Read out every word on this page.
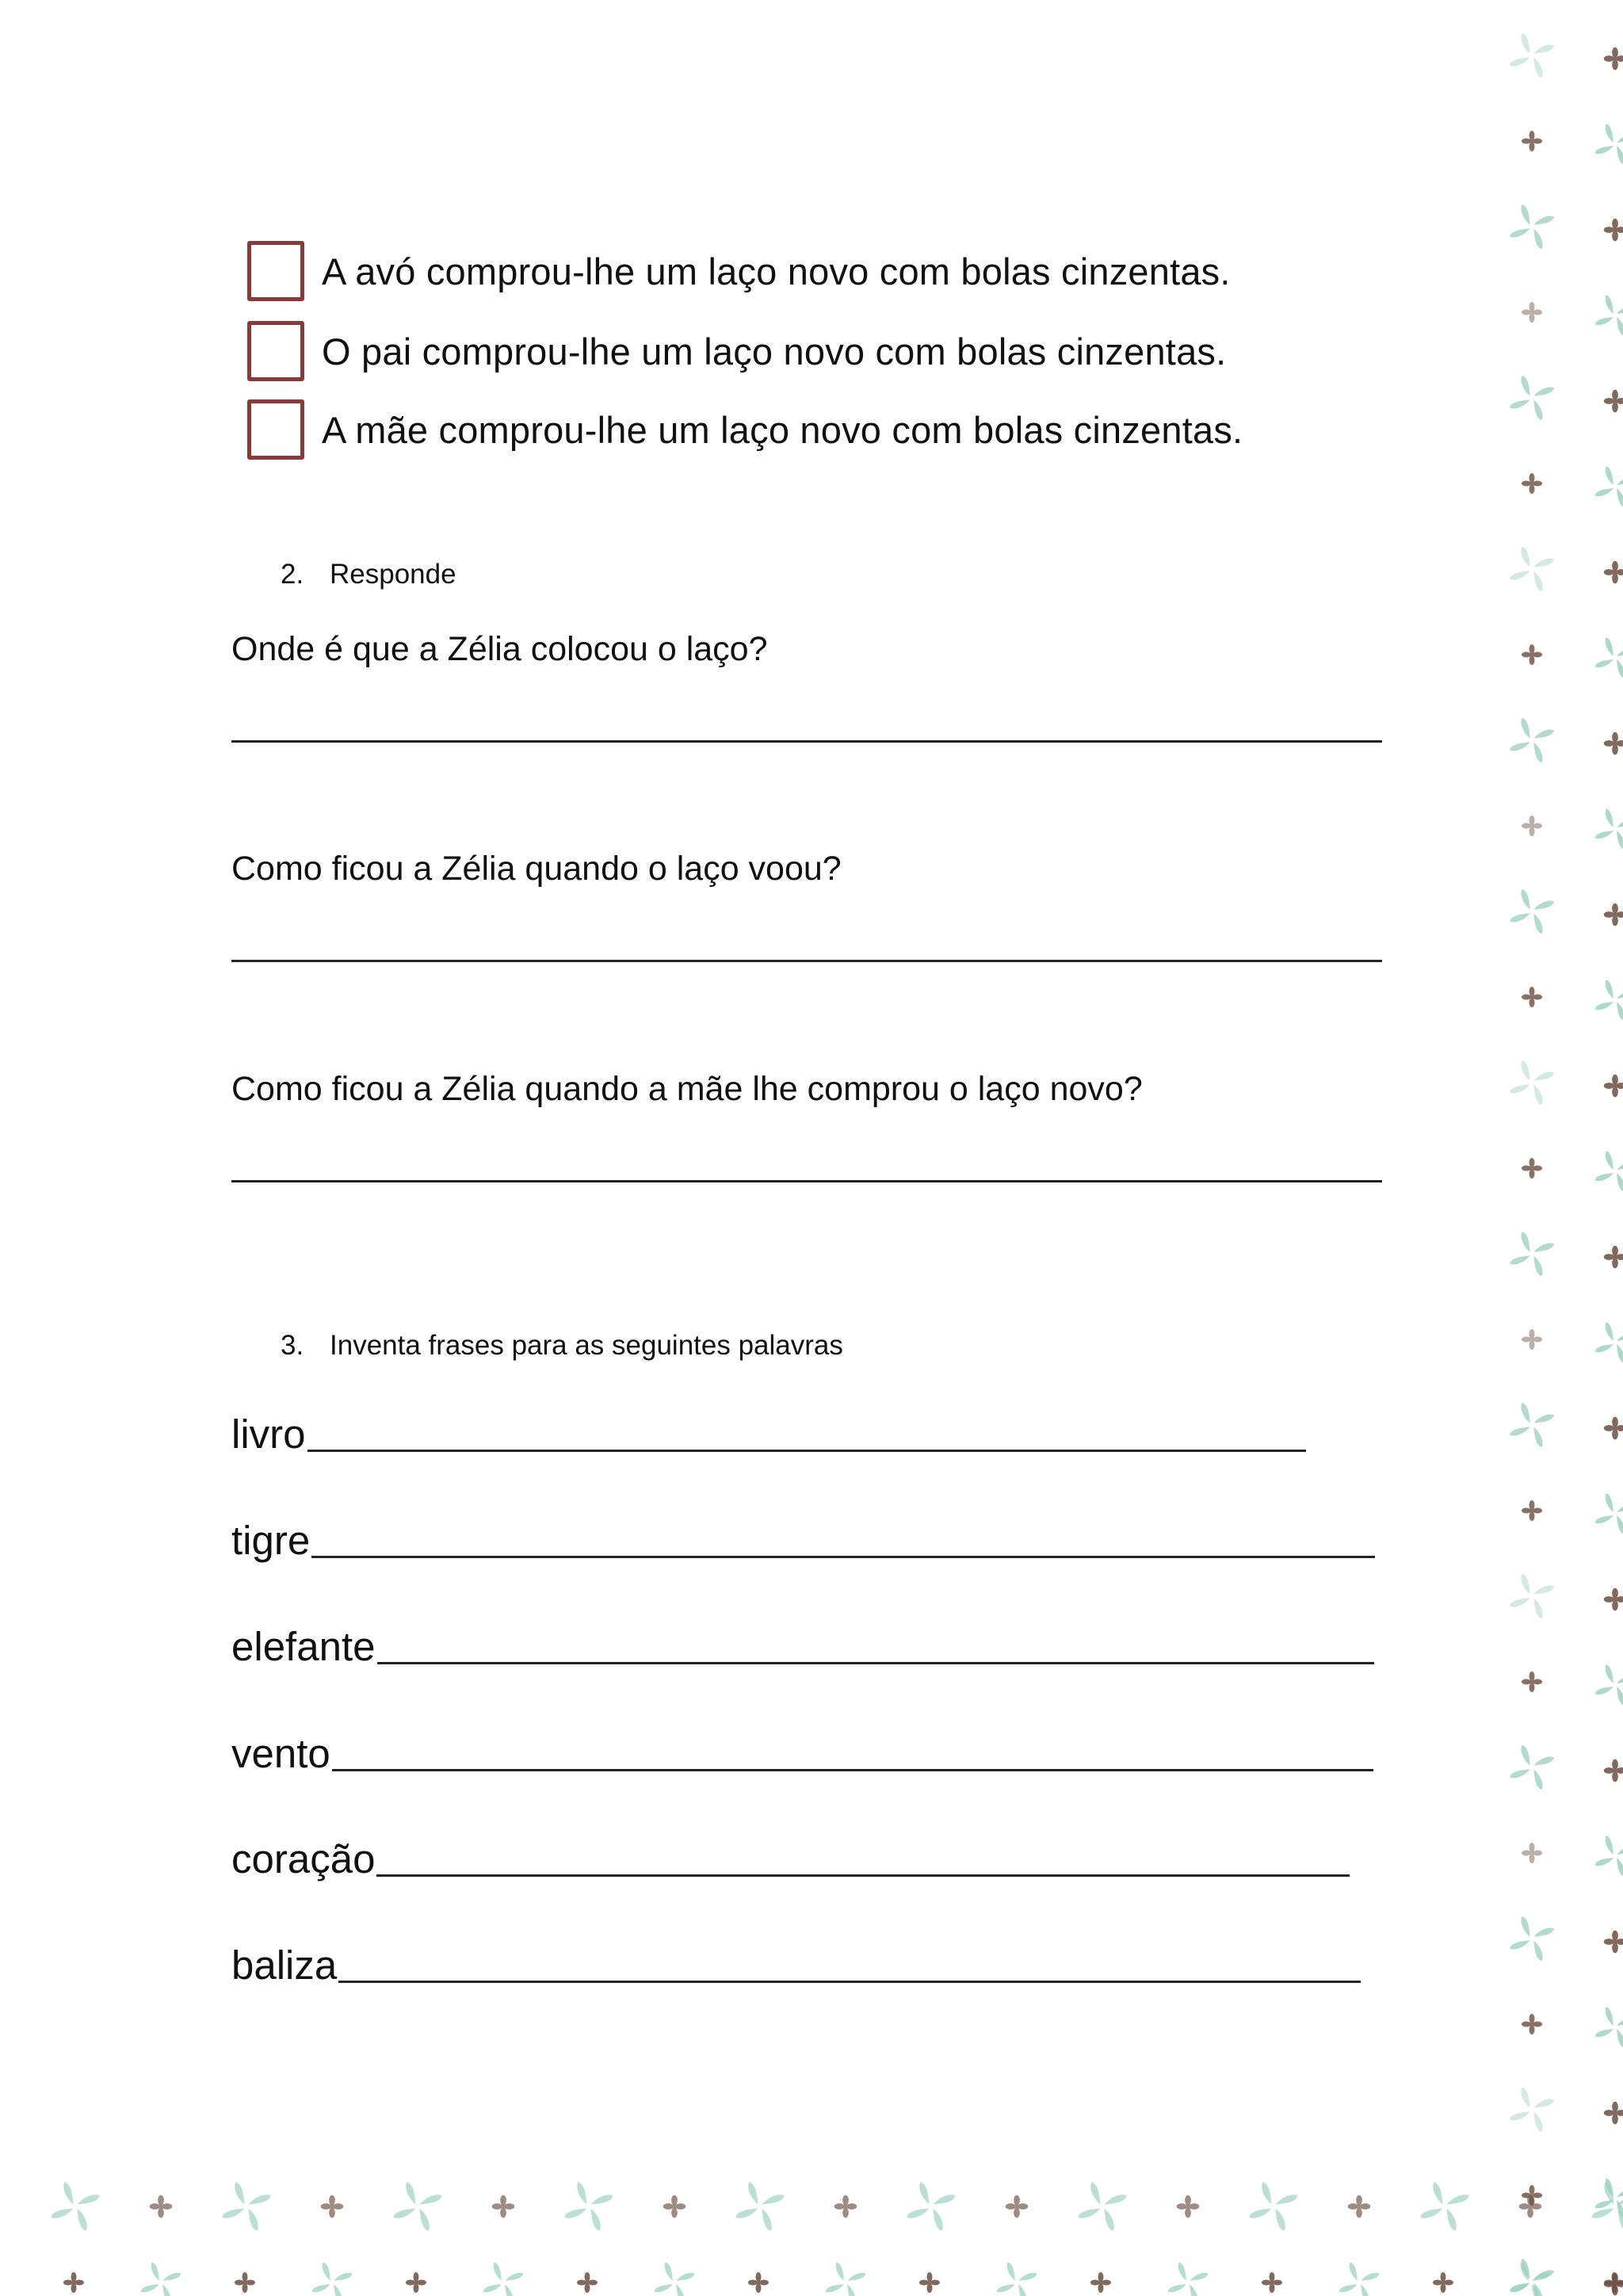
A avó comprou-lhe um laço novo com bolas cinzentas.
O pai comprou-lhe um laço novo com bolas cinzentas.
A mãe comprou-lhe um laço novo com bolas cinzentas.
2. Responde
Onde é que a Zélia colocou o laço?
Como ficou a Zélia quando o laço voou?
Como ficou a Zélia quando a mãe lhe comprou o laço novo?
3. Inventa frases para as seguintes palavras
livro
tigre
elefante
vento
coração
baliza
